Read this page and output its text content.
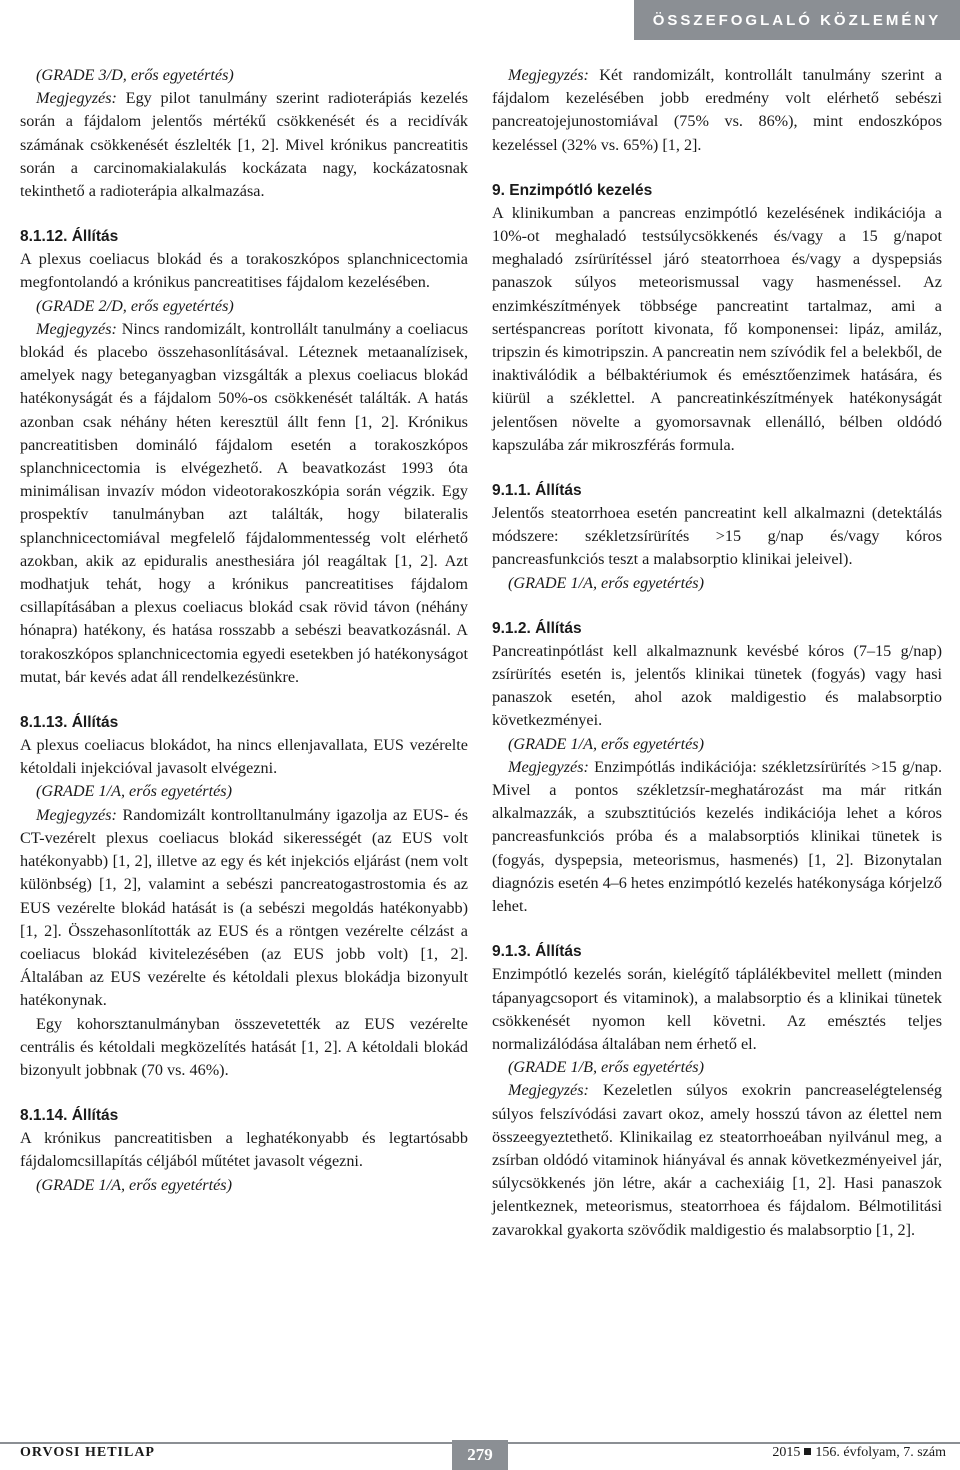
ÖSSZEFOGLALÓ KÖZLEMÉNY

(GRADE 3/D, erős egyetértés)

Megjegyzés: Egy pilot tanulmány szerint radioterápiás kezelés során a fájdalom jelentős mértékű csökkenését és a recidívák számának csökkenését észlelték [1, 2]. Mivel krónikus pancreatitis során a carcinomakialakulás kockázata nagy, kockázatosnak tekinthető a radioterápia alkalmazása.

8.1.12. Állítás

A plexus coeliacus blokád és a torakoszkópos splanchnicectomia megfontolandó a krónikus pancreatitises fájdalom kezelésében.

(GRADE 2/D, erős egyetértés)

Megjegyzés: Nincs randomizált, kontrollált tanulmány a coeliacus blokád és placebo összehasonlításával. Léteznek metaanalízisek, amelyek nagy beteganyagban vizsgálták a plexus coeliacus blokád hatékonyságát és a fájdalom 50%-os csökkenését találták. A hatás azonban csak néhány héten keresztül állt fenn [1, 2]. Krónikus pancreatitisben domináló fájdalom esetén a torakoszkópos splanchnicectomia is elvégezhető. A beavatkozást 1993 óta minimálisan invazív módon videotorakoszkópia során végzik. Egy prospektív tanulmányban azt találták, hogy bilateralis splanchnicectomiával megfelelő fájdalommentesség volt elérhető azokban, akik az epiduralis anesthesiára jól reagáltak [1, 2]. Azt modhatjuk tehát, hogy a krónikus pancreatitises fájdalom csillapításában a plexus coeliacus blokád csak rövid távon (néhány hónapra) hatékony, és hatása rosszabb a sebészi beavatkozásnál. A torakoszkópos splanchnicectomia egyedi esetekben jó hatékonyságot mutat, bár kevés adat áll rendelkezésünkre.

8.1.13. Állítás

A plexus coeliacus blokádot, ha nincs ellenjavallata, EUS vezérelte kétoldali injekcióval javasolt elvégezni.

(GRADE 1/A, erős egyetértés)

Megjegyzés: Randomizált kontrolltanulmány igazolja az EUS- és CT-vezérelt plexus coeliacus blokád sikerességét (az EUS volt hatékonyabb) [1, 2], illetve az egy és két injekciós eljárást (nem volt különbség) [1, 2], valamint a sebészi pancreatogastrostomia és az EUS vezérelte blokád hatását is (a sebészi megoldás hatékonyabb) [1, 2]. Összehasonlították az EUS és a röntgen vezérelte célzást a coeliacus blokád kivitelezésében (az EUS jobb volt) [1, 2]. Általában az EUS vezérelte és kétoldali plexus blokádja bizonyult hatékonynak.

Egy kohorsztanulmányban összevetették az EUS vezérelte centrális és kétoldali megközelítés hatását [1, 2]. A kétoldali blokád bizonyult jobbnak (70 vs. 46%).

8.1.14. Állítás

A krónikus pancreatitisben a leghatékonyabb és legtartósabb fájdalomcsillapítás céljából műtétet javasolt végezni.

(GRADE 1/A, erős egyetértés)

Megjegyzés: Két randomizált, kontrollált tanulmány szerint a fájdalom kezelésében jobb eredmény volt elérhető sebészi pancreatojejunostomiával (75% vs. 86%), mint endoszkópos kezeléssel (32% vs. 65%) [1, 2].

9. Enzimpótló kezelés

A klinikumban a pancreas enzimpótló kezelésének indikációja a 10%-ot meghaladó testsúlycsökkenés és/vagy a 15 g/napot meghaladó zsírürítéssel járó steatorrhoea és/vagy a dyspepsiás panaszok súlyos meteorismussal vagy hasmenéssel. Az enzimkészítmények többsége pancreatint tartalmaz, ami a sertéspancreas porított kivonata, fő komponensei: lipáz, amiláz, tripszin és kimotripszin. A pancreatin nem szívódik fel a belekből, de inaktiválódik a bélbaktériumok és emésztőenzimek hatására, és kiürül a széklettel. A pancreatinkészítmények hatékonyságát jelentősen növelte a gyomorsavnak ellenálló, bélben oldódó kapszulába zár mikroszférás formula.

9.1.1. Állítás

Jelentős steatorrhoea esetén pancreatint kell alkalmazni (detektálás módszere: székletzsírürítés >15 g/nap és/vagy kóros pancreasfunkciós teszt a malabsorptio klinikai jeleivel).

(GRADE 1/A, erős egyetértés)

9.1.2. Állítás

Pancreatinpótlást kell alkalmaznunk kevésbé kóros (7–15 g/nap) zsírürítés esetén is, jelentős klinikai tünetek (fogyás) vagy hasi panaszok esetén, ahol azok maldigestio és malabsorptio következményei.

(GRADE 1/A, erős egyetértés)

Megjegyzés: Enzimpótlás indikációja: székletzsírürítés >15 g/nap. Mivel a pontos székletzsír-meghatározást ma már ritkán alkalmazzák, a szubsztitúciós kezelés indikációja lehet a kóros pancreasfunkciós próba és a malabsorptiós klinikai tünetek is (fogyás, dyspepsia, meteorismus, hasmenés) [1, 2]. Bizonytalan diagnózis esetén 4–6 hetes enzimpótló kezelés hatékonysága kórjelző lehet.

9.1.3. Állítás

Enzimpótló kezelés során, kielégítő táplálékbevitel mellett (minden tápanyagcsoport és vitaminok), a malabsorptio és a klinikai tünetek csökkenését nyomon kell követni. Az emésztés teljes normalizálódása általában nem érhető el.

(GRADE 1/B, erős egyetértés)

Megjegyzés: Kezeletlen súlyos exokrin pancreaselégtelenség súlyos felszívódási zavart okoz, amely hosszú távon az élettel nem összeegyeztethető. Klinikailag ez steatorrhoeában nyilvánul meg, a zsírban oldódó vitaminok hiányával és annak következményeivel jár, súlycsökkenés jön létre, akár a cachexiáig [1, 2]. Hasi panaszok jelentkeznek, meteorismus, steatorrhoea és fájdalom. Bélmotilitási zavarokkal gyakorta szövődik maldigestio és malabsorptio [1, 2].

ORVOSI HETILAP	279	2015 156. évfolyam, 7. szám
